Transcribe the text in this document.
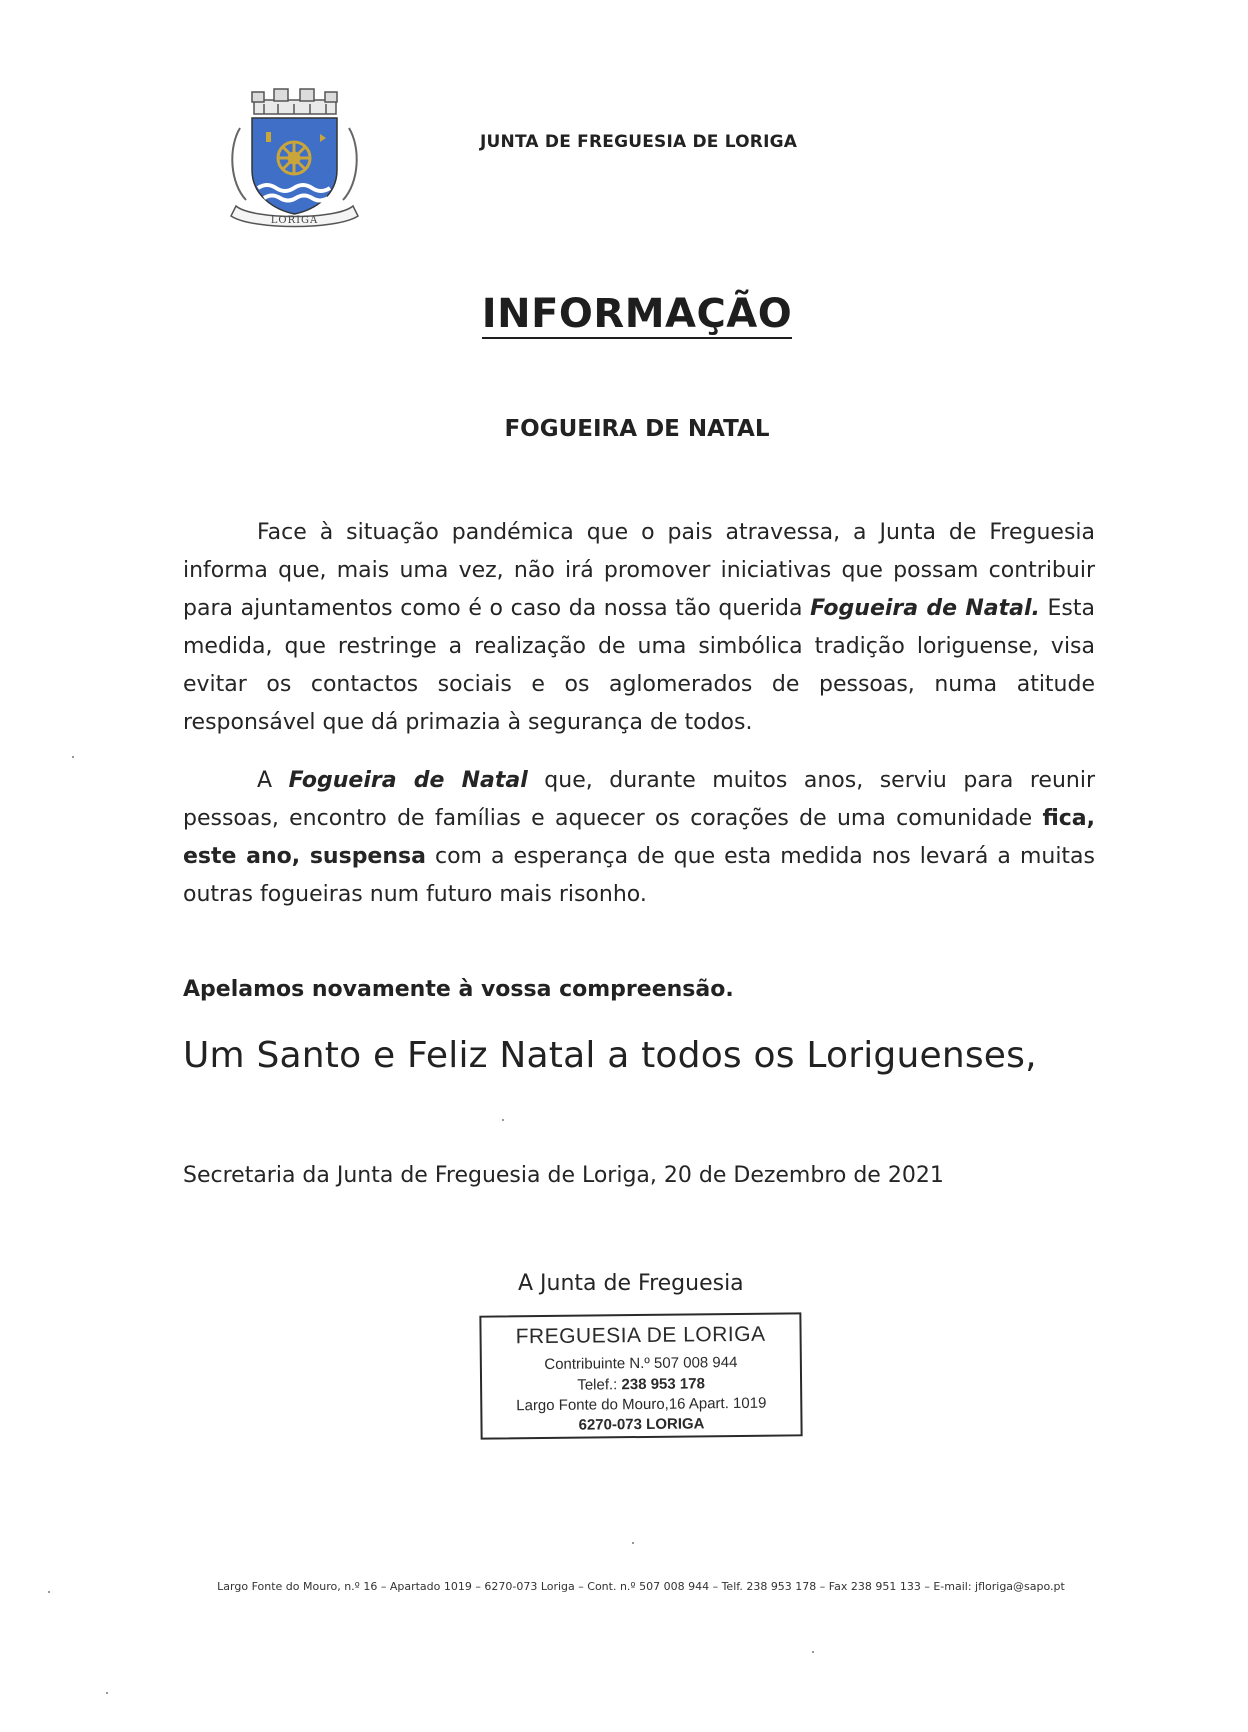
LORIGA
JUNTA DE FREGUESIA DE LORIGA
INFORMAÇÃO
FOGUEIRA DE NATAL

Face à situação pandémica que o pais atravessa, a Junta de Freguesia informa que, mais uma vez, não irá promover iniciativas que possam contribuir para ajuntamentos como é o caso da nossa tão querida Fogueira de Natal. Esta medida, que restringe a realização de uma simbólica tradição loriguense, visa evitar os contactos sociais e os aglomerados de pessoas, numa atitude responsável que dá primazia à segurança de todos.

A Fogueira de Natal que, durante muitos anos, serviu para reunir pessoas, encontro de famílias e aquecer os corações de uma comunidade fica, este ano, suspensa com a esperança de que esta medida nos levará a muitas outras fogueiras num futuro mais risonho.

Apelamos novamente à vossa compreensão.
Um Santo e Feliz Natal a todos os Loriguenses,
Secretaria da Junta de Freguesia de Loriga, 20 de Dezembro de 2021
A Junta de Freguesia
FREGUESIA DE LORIGA
Contribuinte N.º 507 008 944
Telef.: 238 953 178
Largo Fonte do Mouro,16 Apart. 1019
6270-073 LORIGA
Largo Fonte do Mouro, n.º 16 – Apartado 1019 – 6270-073 Loriga – Cont. n.º 507 008 944 – Telf. 238 953 178 – Fax 238 951 133 – E-mail: jfloriga@sapo.pt
